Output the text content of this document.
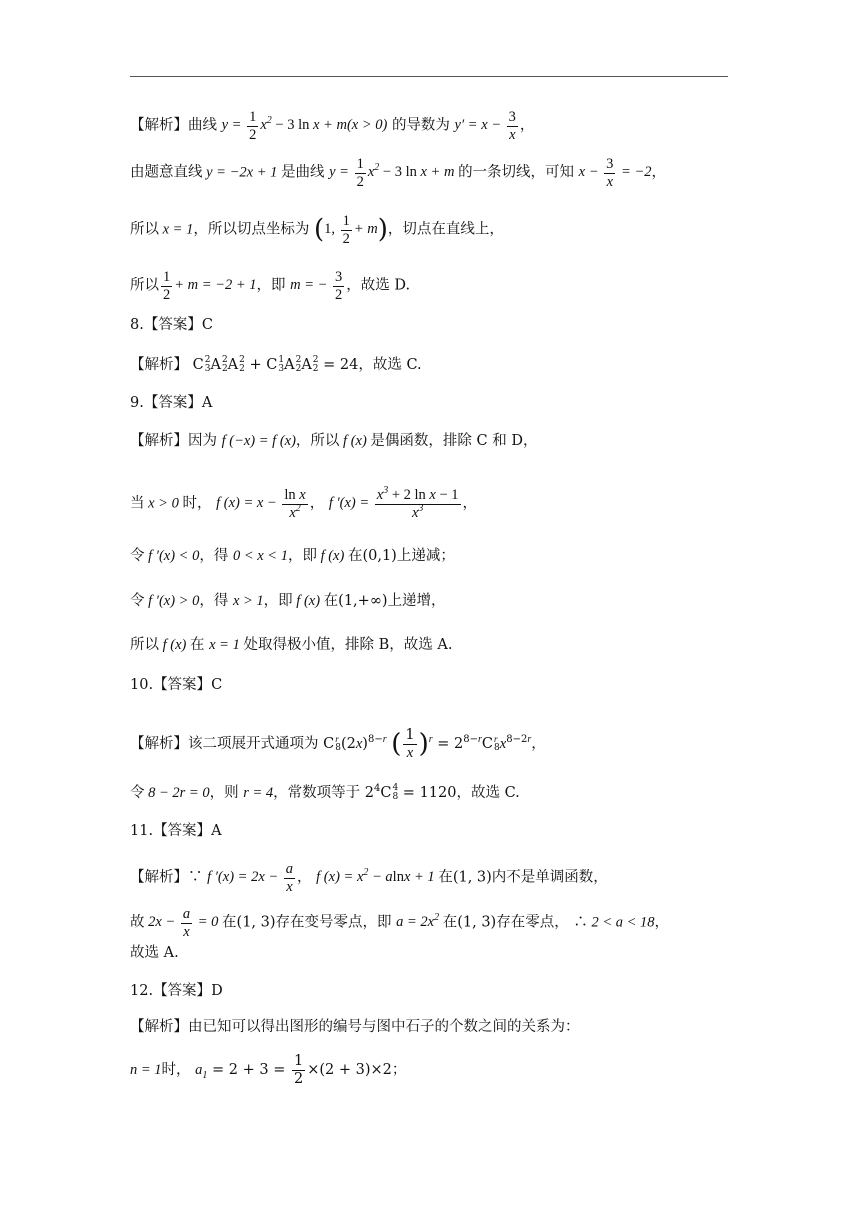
【解析】曲线 $y = \frac{1}{2} x^2 - 3$ ln x + m(x > 0) 的导数为 $y' = x - \frac{3}{x}$ ，
由题意直线 y = −2x + 1 是曲线 $y = \frac{1}{2} x^2 - 3$ ln x + m 的一条切线，可知 $x - \frac{3}{x} = -2$，
所以 x = 1，所以切点坐标为 (1, $\frac{1}{2} + m$)，切点在直线上，
所以 $\frac{1}{2} + m = -2 + 1$，即 m = − $\frac{3}{2}$ ，故选 D.
8.【答案】C
【解析】 C 2
3 A 2
2 A 2
2 + C 1
3 A 2
2 A 2
2 = 24，故选 C.
9.【答案】A
【解析】因为 f (−x) = f (x)，所以 f (x) 是偶函数，排除 C 和 D，
当 x > 0 时， f $(x) = x - \frac{\text{ln x}}{x^2}$ ， f $'(x) = \frac{x^3 + 2 \ln x - 1}{x^3}$ ，
令 f ′(x) < 0，得 0 < x < 1，即 f (x) 在(0,1)上递减；
令 f ′(x) > 0，得 x > 1，即 f (x) 在(1,+∞)上递增，
所以 f (x) 在 x = 1 处取得极小值，排除 B，故选 A.
10.【答案】C
【解析】该二项展开式通项为 C r
8 $(2x)^{8-r}$ ( $\frac{1}{x} )^r = 2^{8-r}C$ r
8 $x^{8-2r}$，
令 8 − 2r = 0，则 r = 4，常数项等于 $2^4C$ 4
8 = 1120，故选 C.
11.【答案】A
【解析】∵ f $'(x) = 2x - \frac{a}{x}$ ， f $(x) = x^2 - alnx + 1$ 在(1, 3)内不是单调函数，
故 $2x - \frac{a}{x} = 0$ 在(1, 3)存在变号零点，即 $a = 2x^2$ 在(1, 3)存在零点， ∴ 2 < a < 18，
故选 A.
12.【答案】D
【解析】由已知可以得出图形的编号与图中石子的个数之间的关系为：
n = 1时， $a_1 = 2 + 3 = \frac{1}{2} \times(2 + 3)\times 2$；
